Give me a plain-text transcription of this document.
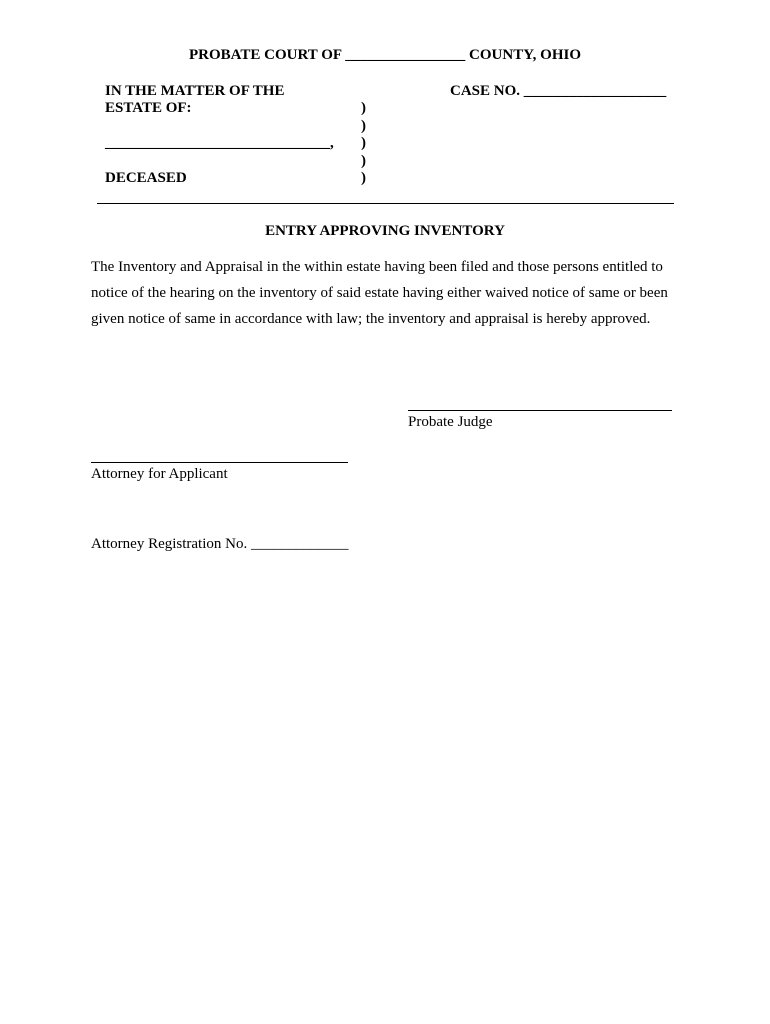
PROBATE COURT OF ________________ COUNTY, OHIO
IN THE MATTER OF THE
ESTATE OF:
CASE NO. ___________________
)
)
)
)
)
______________________________,
DECEASED
ENTRY APPROVING INVENTORY

The Inventory and Appraisal in the within estate having been filed and those persons entitled to notice of the hearing on the inventory of said estate having either waived notice of same or been given notice of same in accordance with law; the inventory and appraisal is hereby approved.

Probate Judge
Attorney for Applicant
Attorney Registration No. _____________
